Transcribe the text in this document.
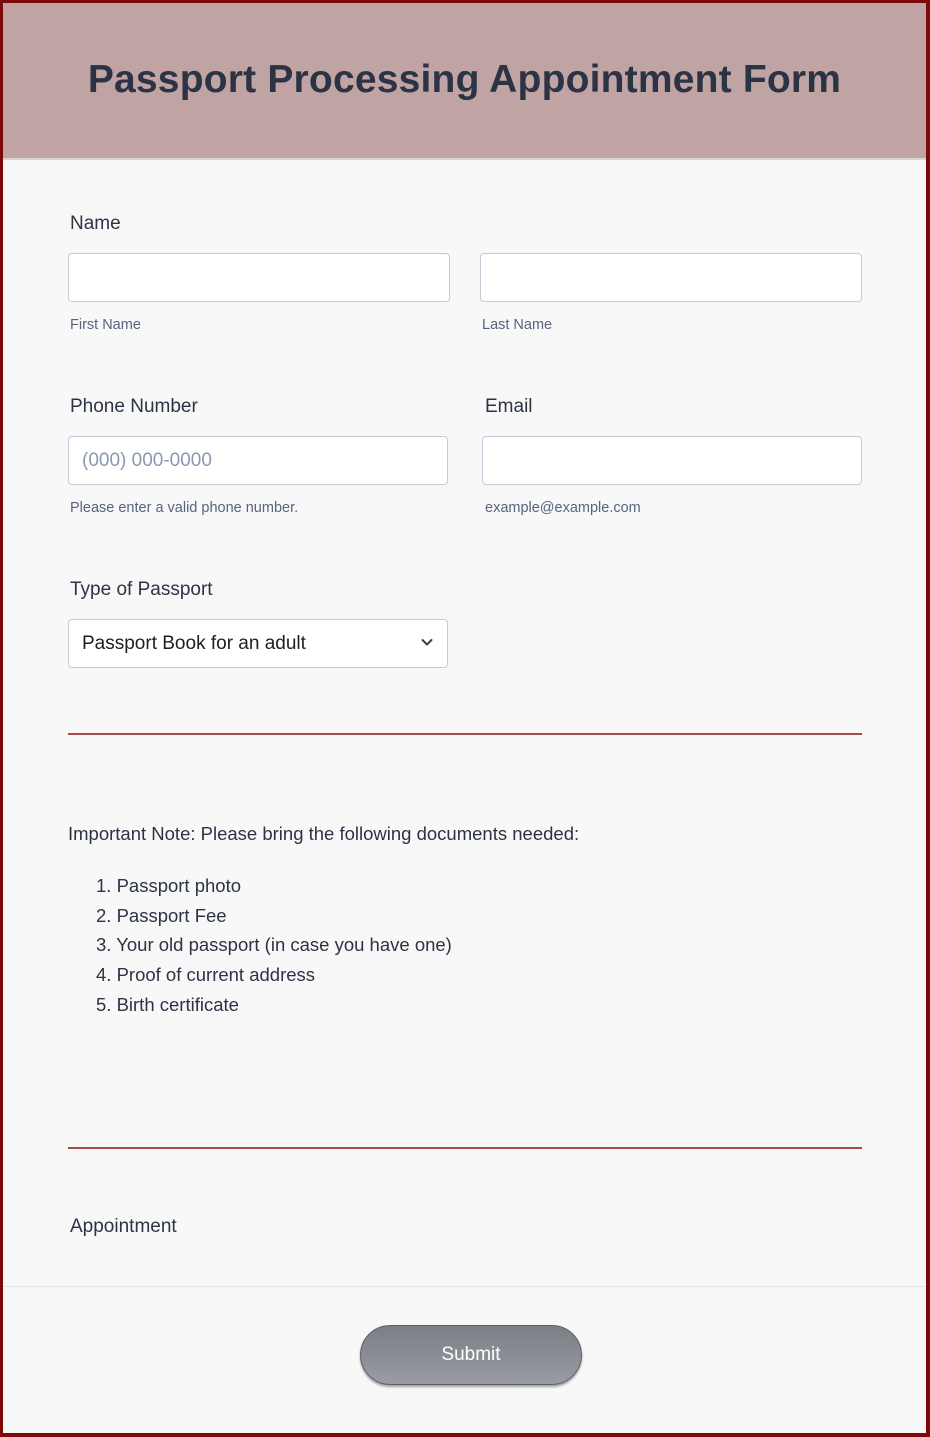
Passport Processing Appointment Form
Name
First Name	Last Name
Phone Number
(000) 000-0000
Please enter a valid phone number.
Email
example@example.com
Type of Passport
Passport Book for an adult
Important Note: Please bring the following documents needed:
1. Passport photo
2. Passport Fee
3. Your old passport (in case you have one)
4. Proof of current address
5. Birth certificate
Appointment
Submit
